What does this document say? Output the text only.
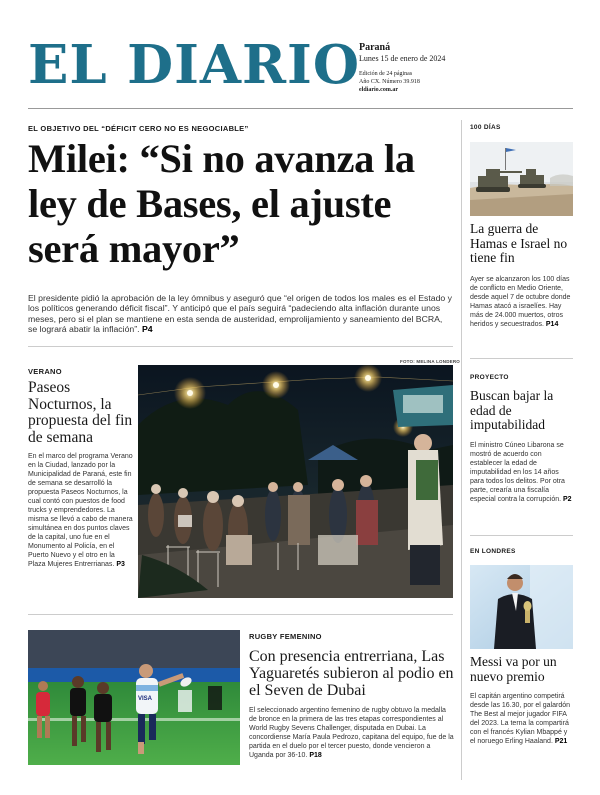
EL DIARIO Paraná
Lunes 15 de enero de 2024
Edición de 24 páginas
Año CX. Número 39.918
eldiario.com.ar
EL OBJETIVO DEL “DÉFICIT CERO NO ES NEGOCIABLE”
Milei: “Si no avanza la ley de Bases, el ajuste será mayor”

El presidente pidió la aprobación de la ley ómnibus y aseguró que “el origen de todos los males es el Estado y los políticos generando déficit fiscal”. Y anticipó que el país seguirá “padeciendo alta inflación durante unos meses, pero si el plan se mantiene en esta senda de austeridad, emprolijamiento y saneamiento del BCRA, se logrará abatir la inflación”. P4

VERANO
Paseos Nocturnos, la propuesta del fin de semana

En el marco del programa Verano en la Ciudad, lanzado por la Municipalidad de Paraná, este fin de semana se desarrolló la propuesta Paseos Nocturnos, la cual contó con puestos de food trucks y emprendedores. La misma se llevó a cabo de manera simultánea en dos puntos claves de la capital, uno fue en el Monumento al Policía, en el Puerto Nuevo y el otro en la Plaza Mujeres Entrerrianas. P3

FOTO: MELINA LONDERO
VISA
RUGBY FEMENINO
Con presencia entrerriana, Las Yaguaretés subieron al podio en el Seven de Dubai

El seleccionado argentino femenino de rugby obtuvo la medalla de bronce en la primera de las tres etapas correspondientes al World Rugby Sevens Challenger, disputada en Dubai. La concordiense María Paula Pedrozo, capitana del equipo, fue de la partida en el duelo por el tercer puesto, donde vencieron a Uganda por 36-10. P18

100 DÍAS
La guerra de Hamas e Israel no tiene fin

Ayer se alcanzaron los 100 días de conflicto en Medio Oriente, desde aquel 7 de octubre donde Hamas atacó a israelíes. Hay más de 24.000 muertos, otros heridos y secuestrados. P14

PROYECTO
Buscan bajar la edad de imputabilidad

El ministro Cúneo Libarona se mostró de acuerdo con establecer la edad de imputabilidad en los 14 años para todos los delitos. Por otra parte, crearía una fiscalía especial contra la corrupción. P2

EN LONDRES
Messi va por un nuevo premio

El capitán argentino competirá desde las 16.30, por el galardón The Best al mejor jugador FIFA del 2023. La terna la compartirá con el francés Kylian Mbappé y el noruego Erling Haaland. P21
